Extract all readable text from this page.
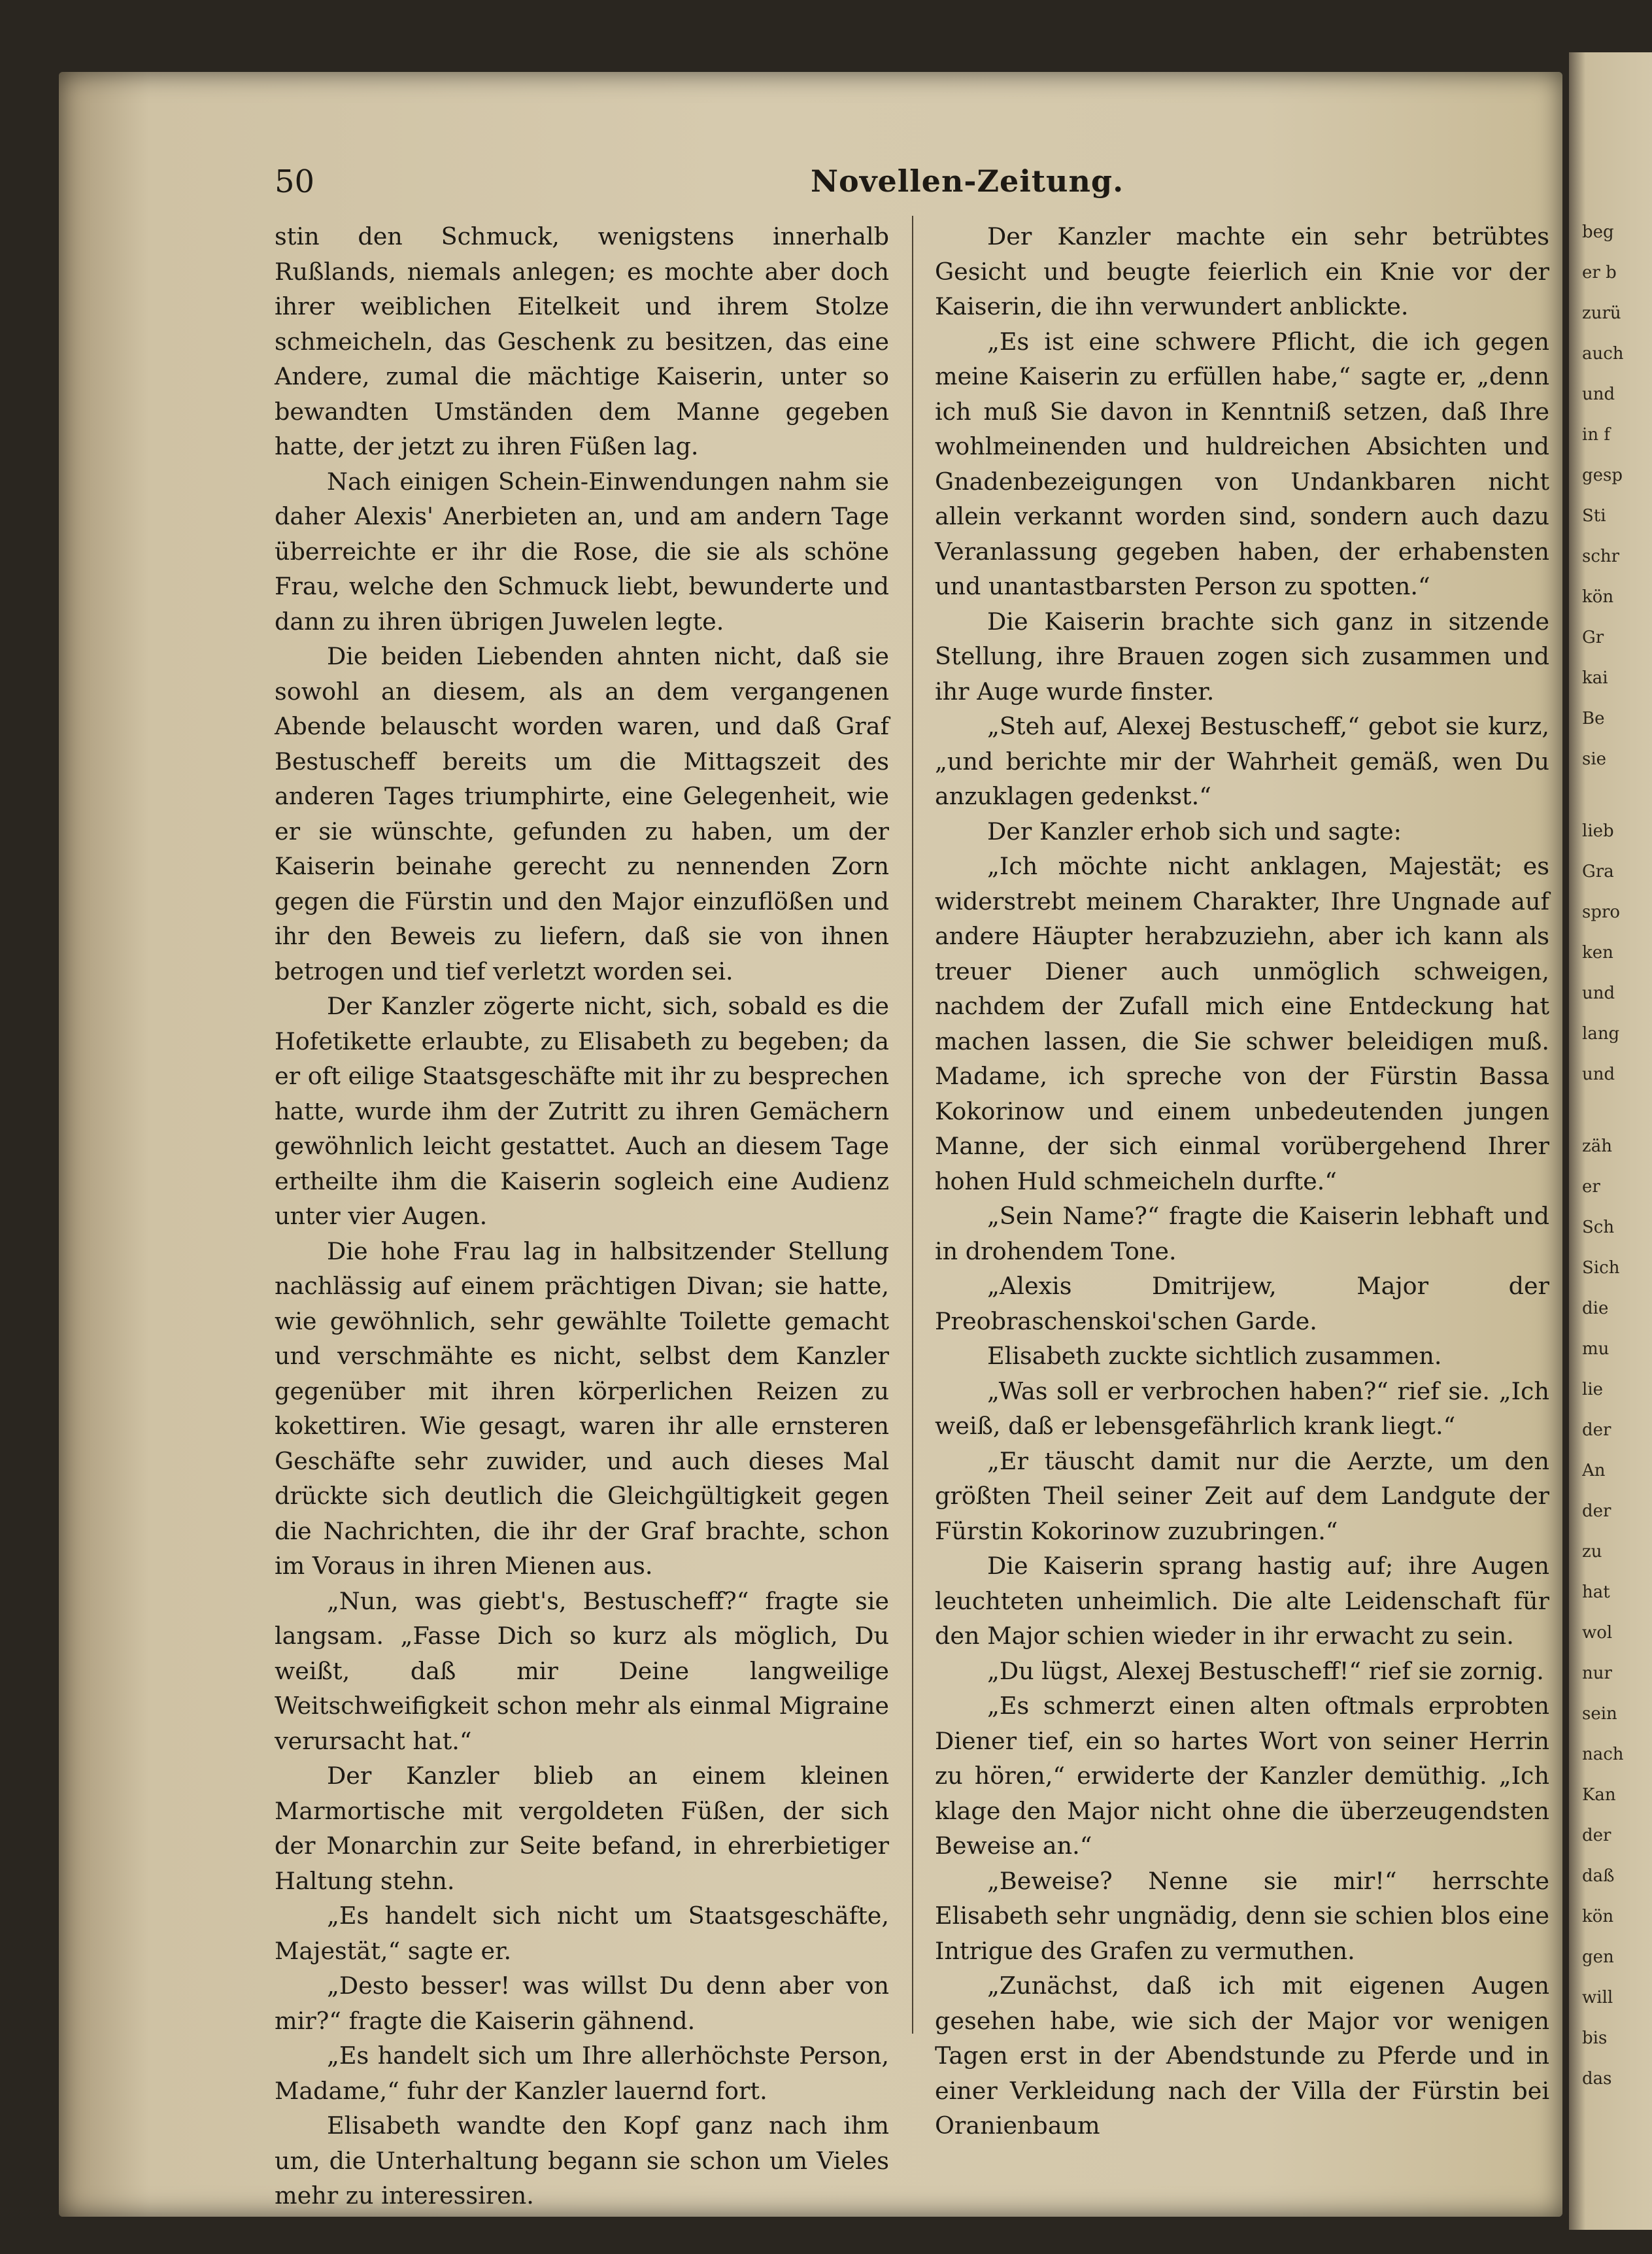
beg
er b
zurü
auch
und
in f
gesp
Sti
schr
kön
Gr
kai
Be
sie
lieb
Gra
spro
ken
und
lang
und
zäh
er
Sch
Sich
die
mu
lie
der
An
der
zu
hat
wol
nur
sein
nach
Kan
der
daß
kön
gen
will
bis
das
50	Novellen-Zeitung.

stin den Schmuck, wenigstens innerhalb Rußlands, niemals anlegen; es mochte aber doch ihrer weiblichen Eitelkeit und ihrem Stolze schmeicheln, das Geschenk zu besitzen, das eine Andere, zumal die mächtige Kaiserin, unter so bewandten Umständen dem Manne gegeben hatte, der jetzt zu ihren Füßen lag.

Nach einigen Schein-Einwendungen nahm sie daher Alexis' Anerbieten an, und am andern Tage überreichte er ihr die Rose, die sie als schöne Frau, welche den Schmuck liebt, bewunderte und dann zu ihren übrigen Juwelen legte.

Die beiden Liebenden ahnten nicht, daß sie sowohl an diesem, als an dem vergangenen Abende belauscht worden waren, und daß Graf Bestuscheff bereits um die Mittagszeit des anderen Tages triumphirte, eine Gelegenheit, wie er sie wünschte, gefunden zu haben, um der Kaiserin beinahe gerecht zu nennenden Zorn gegen die Fürstin und den Major einzuflößen und ihr den Beweis zu liefern, daß sie von ihnen betrogen und tief verletzt worden sei.

Der Kanzler zögerte nicht, sich, sobald es die Hofetikette erlaubte, zu Elisabeth zu begeben; da er oft eilige Staatsgeschäfte mit ihr zu besprechen hatte, wurde ihm der Zutritt zu ihren Gemächern gewöhnlich leicht gestattet. Auch an diesem Tage ertheilte ihm die Kaiserin sogleich eine Audienz unter vier Augen.

Die hohe Frau lag in halbsitzender Stellung nachlässig auf einem prächtigen Divan; sie hatte, wie gewöhnlich, sehr gewählte Toilette gemacht und verschmähte es nicht, selbst dem Kanzler gegenüber mit ihren körperlichen Reizen zu kokettiren. Wie gesagt, waren ihr alle ernsteren Geschäfte sehr zuwider, und auch dieses Mal drückte sich deutlich die Gleichgültigkeit gegen die Nachrichten, die ihr der Graf brachte, schon im Voraus in ihren Mienen aus.

„Nun, was giebt's, Bestuscheff?“ fragte sie langsam. „Fasse Dich so kurz als möglich, Du weißt, daß mir Deine langweilige Weitschweifigkeit schon mehr als einmal Migraine verursacht hat.“

Der Kanzler blieb an einem kleinen Marmortische mit vergoldeten Füßen, der sich der Monarchin zur Seite befand, in ehrerbietiger Haltung stehn.

„Es handelt sich nicht um Staatsgeschäfte, Majestät,“ sagte er.

„Desto besser! was willst Du denn aber von mir?“ fragte die Kaiserin gähnend.

„Es handelt sich um Ihre allerhöchste Person, Madame,“ fuhr der Kanzler lauernd fort.

Elisabeth wandte den Kopf ganz nach ihm um, die Unterhaltung begann sie schon um Vieles mehr zu interessiren.

Der Kanzler machte ein sehr betrübtes Gesicht und beugte feierlich ein Knie vor der Kaiserin, die ihn verwundert anblickte.

„Es ist eine schwere Pflicht, die ich gegen meine Kaiserin zu erfüllen habe,“ sagte er, „denn ich muß Sie davon in Kenntniß setzen, daß Ihre wohlmeinenden und huldreichen Absichten und Gnadenbezeigungen von Undankbaren nicht allein verkannt worden sind, sondern auch dazu Veranlassung gegeben haben, der erhabensten und unantastbarsten Person zu spotten.“

Die Kaiserin brachte sich ganz in sitzende Stellung, ihre Brauen zogen sich zusammen und ihr Auge wurde finster.

„Steh auf, Alexej Bestuscheff,“ gebot sie kurz, „und berichte mir der Wahrheit gemäß, wen Du anzuklagen gedenkst.“

Der Kanzler erhob sich und sagte:

„Ich möchte nicht anklagen, Majestät; es widerstrebt meinem Charakter, Ihre Ungnade auf andere Häupter herabzuziehn, aber ich kann als treuer Diener auch unmöglich schweigen, nachdem der Zufall mich eine Entdeckung hat machen lassen, die Sie schwer beleidigen muß. Madame, ich spreche von der Fürstin Bassa Kokorinow und einem unbedeutenden jungen Manne, der sich einmal vorübergehend Ihrer hohen Huld schmeicheln durfte.“

„Sein Name?“ fragte die Kaiserin lebhaft und in drohendem Tone.

„Alexis Dmitrijew, Major der Preobraschenskoi'schen Garde.

Elisabeth zuckte sichtlich zusammen.

„Was soll er verbrochen haben?“ rief sie. „Ich weiß, daß er lebensgefährlich krank liegt.“

„Er täuscht damit nur die Aerzte, um den größten Theil seiner Zeit auf dem Landgute der Fürstin Kokorinow zuzubringen.“

Die Kaiserin sprang hastig auf; ihre Augen leuchteten unheimlich. Die alte Leidenschaft für den Major schien wieder in ihr erwacht zu sein.

„Du lügst, Alexej Bestuscheff!“ rief sie zornig.

„Es schmerzt einen alten oftmals erprobten Diener tief, ein so hartes Wort von seiner Herrin zu hören,“ erwiderte der Kanzler demüthig. „Ich klage den Major nicht ohne die überzeugendsten Beweise an.“

„Beweise? Nenne sie mir!“ herrschte Elisabeth sehr ungnädig, denn sie schien blos eine Intrigue des Grafen zu vermuthen.

„Zunächst, daß ich mit eigenen Augen gesehen habe, wie sich der Major vor wenigen Tagen erst in der Abendstunde zu Pferde und in einer Verkleidung nach der Villa der Fürstin bei Oranienbaum
